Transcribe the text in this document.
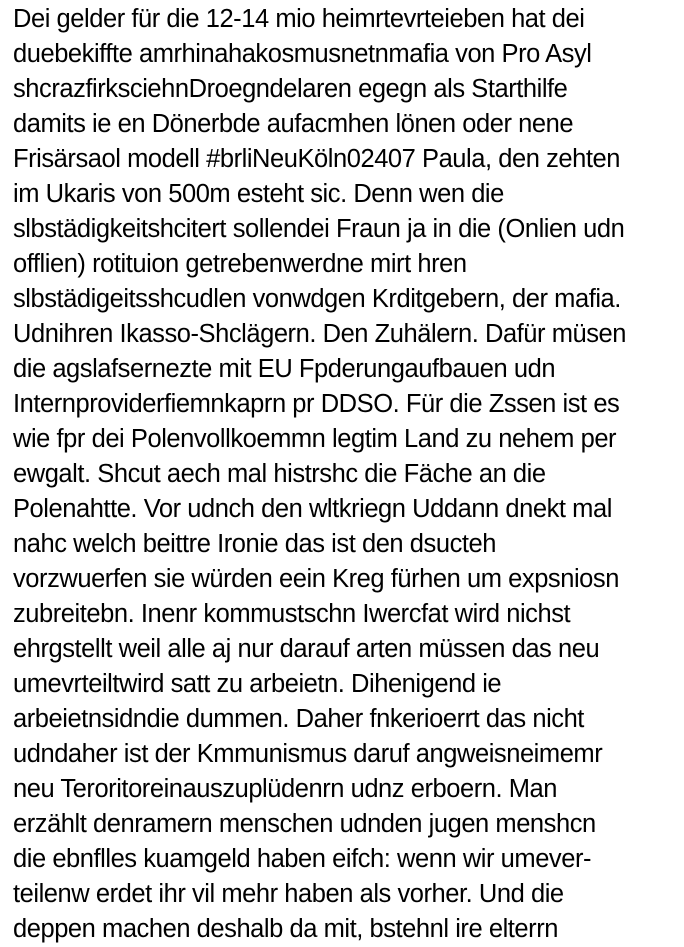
Dei gelder für die 12-14 mio heimrtevrteieben hat dei
duebekiffte amrhinahakosmusnetnmafia von Pro Asyl
shcrazfirksciehnDroegndelaren egegn als Starthilfe
damits ie en Dönerbde aufacmhen lönen oder nene
Frisärsaol modell #brliNeuKöln02407 Paula, den zehten
im Ukaris von 500m esteht sic. Denn wen die
slbstädigkeitshcitert sollendei Fraun ja in die (Onlien udn
offlien) rotituion getrebenwerdne mirt hren
slbstädigeitsshcudlen vonwdgen Krditgebern, der mafia.
Udnihren Ikasso-Shclägern. Den Zuhälern. Dafür müsen
die agslafsernezte mit EU Fpderungaufbauen udn
Internproviderfiemnkaprn pr DDSO. Für die Zssen ist es
wie fpr dei Polenvollkoemmn legtim Land zu nehem per
ewgalt. Shcut aech mal histrshc die Fäche an die
Polenahtte. Vor udnch den wltkriegn Uddann dnekt mal
nahc welch beittre Ironie das ist den dsucteh
vorzwuerfen sie würden eein Kreg fürhen um expsniosn
zubreitebn. Inenr kommustschn Iwercfat wird nichst
ehrgstellt weil alle aj nur darauf arten müssen das neu
umevrteiltwird satt zu arbeietn. Dihenigend ie
arbeietnsidndie dummen. Daher fnkerioerrt das nicht
udndaher ist der Kmmunismus daruf angweisneimemr
neu Teroritoreinauszuplüdenrn udnz erboern. Man
erzählt denramern menschen udnden jugen menshcn
die ebnflles kuamgeld haben eifch: wenn wir umever-
teilenw erdet ihr vil mehr haben als vorher. Und die
deppen machen deshalb da mit, bstehnl ire elterrn
